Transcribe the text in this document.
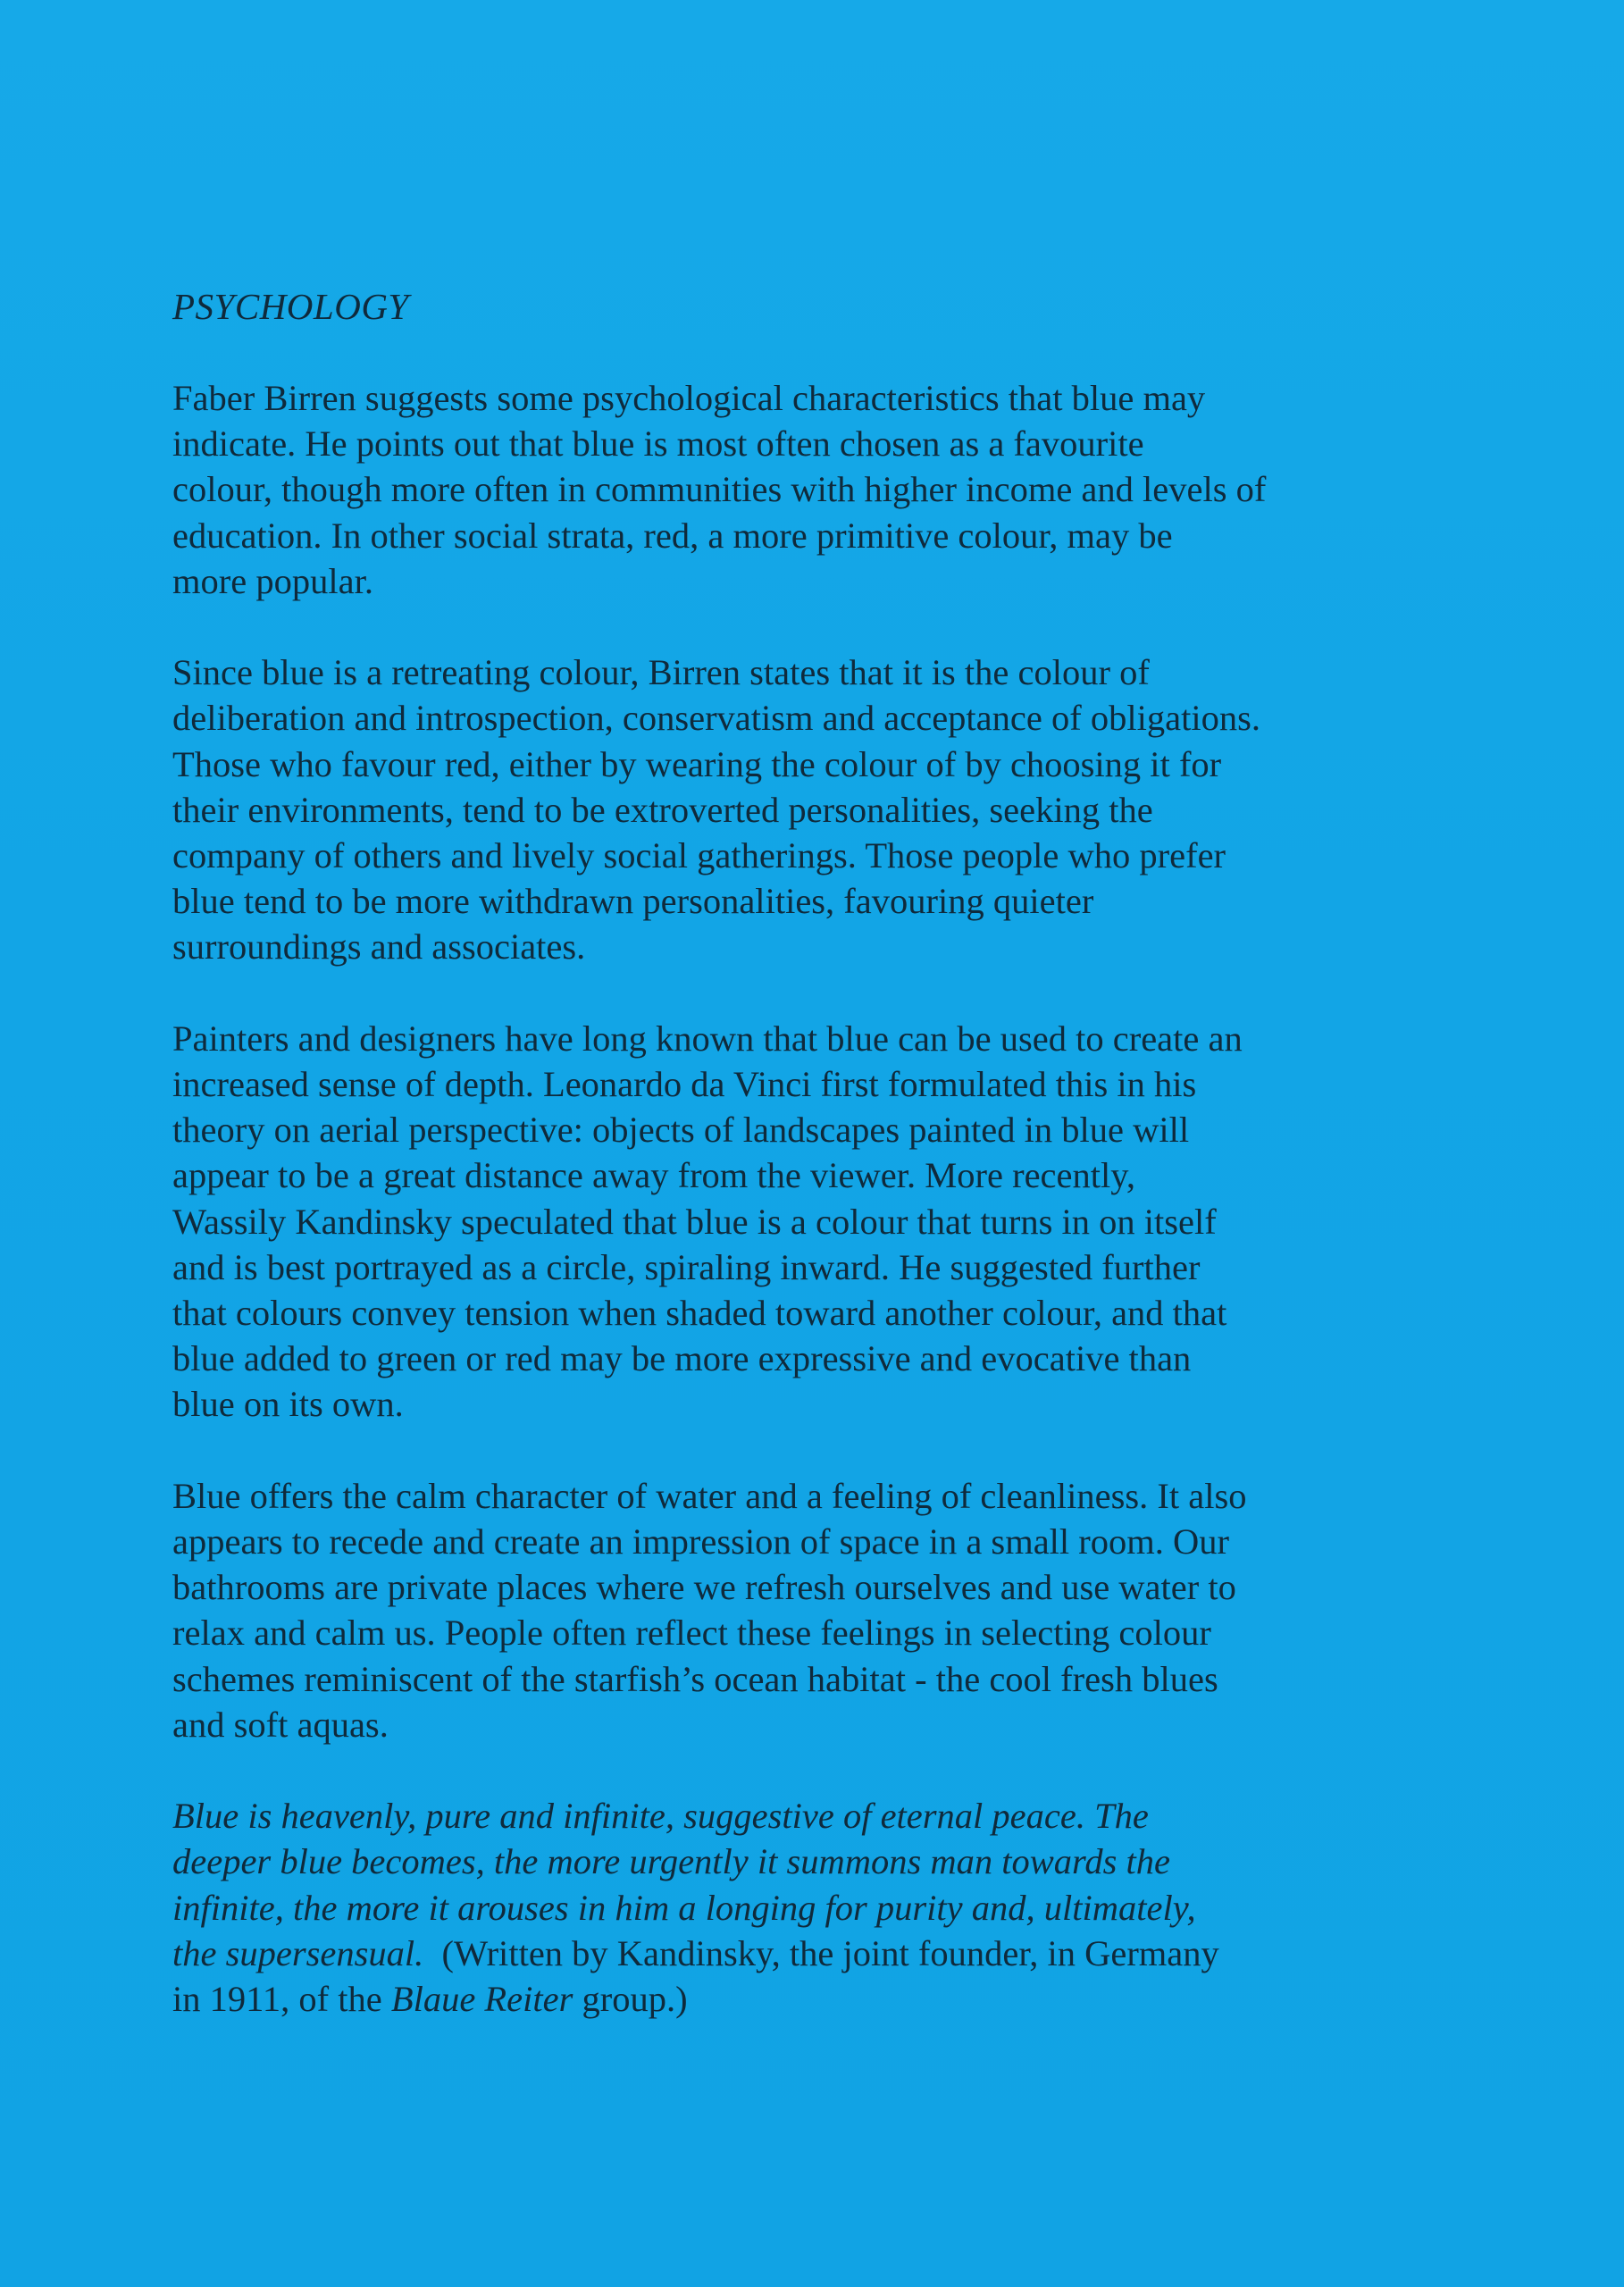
PSYCHOLOGY
Faber Birren suggests some psychological characteristics that blue may
indicate. He points out that blue is most often chosen as a favourite
colour, though more often in communities with higher income and levels of
education. In other social strata, red, a more primitive colour, may be
more popular.
Since blue is a retreating colour, Birren states that it is the colour of
deliberation and introspection, conservatism and acceptance of obligations.
Those who favour red, either by wearing the colour of by choosing it for
their environments, tend to be extroverted personalities, seeking the
company of others and lively social gatherings. Those people who prefer
blue tend to be more withdrawn personalities, favouring quieter
surroundings and associates.
Painters and designers have long known that blue can be used to create an
increased sense of depth. Leonardo da Vinci first formulated this in his
theory on aerial perspective: objects of landscapes painted in blue will
appear to be a great distance away from the viewer. More recently,
Wassily Kandinsky speculated that blue is a colour that turns in on itself
and is best portrayed as a circle, spiraling inward. He suggested further
that colours convey tension when shaded toward another colour, and that
blue added to green or red may be more expressive and evocative than
blue on its own.
Blue offers the calm character of water and a feeling of cleanliness. It also
appears to recede and create an impression of space in a small room. Our
bathrooms are private places where we refresh ourselves and use water to
relax and calm us. People often reflect these feelings in selecting colour
schemes reminiscent of the starfish’s ocean habitat - the cool fresh blues
and soft aquas.
Blue is heavenly, pure and infinite, suggestive of eternal peace. The
deeper blue becomes, the more urgently it summons man towards the
infinite, the more it arouses in him a longing for purity and, ultimately,
the supersensual.  (Written by Kandinsky, the joint founder, in Germany
in 1911, of the Blaue Reiter group.)
